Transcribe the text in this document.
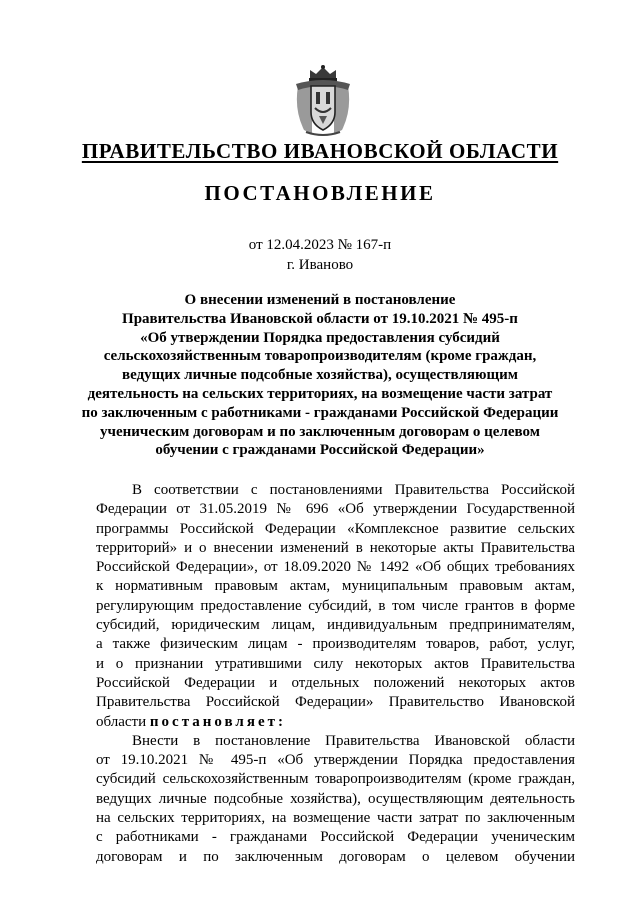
ПРАВИТЕЛЬСТВО ИВАНОВСКОЙ ОБЛАСТИ
ПОСТАНОВЛЕНИЕ
от 12.04.2023 № 167-п
г. Иваново
О внесении изменений в постановление
Правительства Ивановской области от 19.10.2021 № 495-п
«Об утверждении Порядка предоставления субсидий
сельскохозяйственным товаропроизводителям (кроме граждан,
ведущих личные подсобные хозяйства), осуществляющим
деятельность на сельских территориях, на возмещение части затрат
по заключенным с работниками - гражданами Российской Федерации
ученическим договорам и по заключенным договорам о целевом
обучении с гражданами Российской Федерации»
В соответствии с постановлениями Правительства Российской
Федерации от 31.05.2019 № 696 «Об утверждении Государственной
программы Российской Федерации «Комплексное развитие сельских
территорий» и о внесении изменений в некоторые акты Правительства
Российской Федерации», от 18.09.2020 № 1492 «Об общих требованиях
к нормативным правовым актам, муниципальным правовым актам,
регулирующим предоставление субсидий, в том числе грантов в форме
субсидий, юридическим лицам, индивидуальным предпринимателям,
а также физическим лицам - производителям товаров, работ, услуг,
и о признании утратившими силу некоторых актов Правительства
Российской Федерации и отдельных положений некоторых актов
Правительства Российской Федерации» Правительство Ивановской
области постановляет:
Внести в постановление Правительства Ивановской области
от 19.10.2021 № 495-п «Об утверждении Порядка предоставления
субсидий сельскохозяйственным товаропроизводителям (кроме граждан,
ведущих личные подсобные хозяйства), осуществляющим деятельность
на сельских территориях, на возмещение части затрат по заключенным
с работниками - гражданами Российской Федерации ученическим
договорам и по заключенным договорам о целевом обучении
